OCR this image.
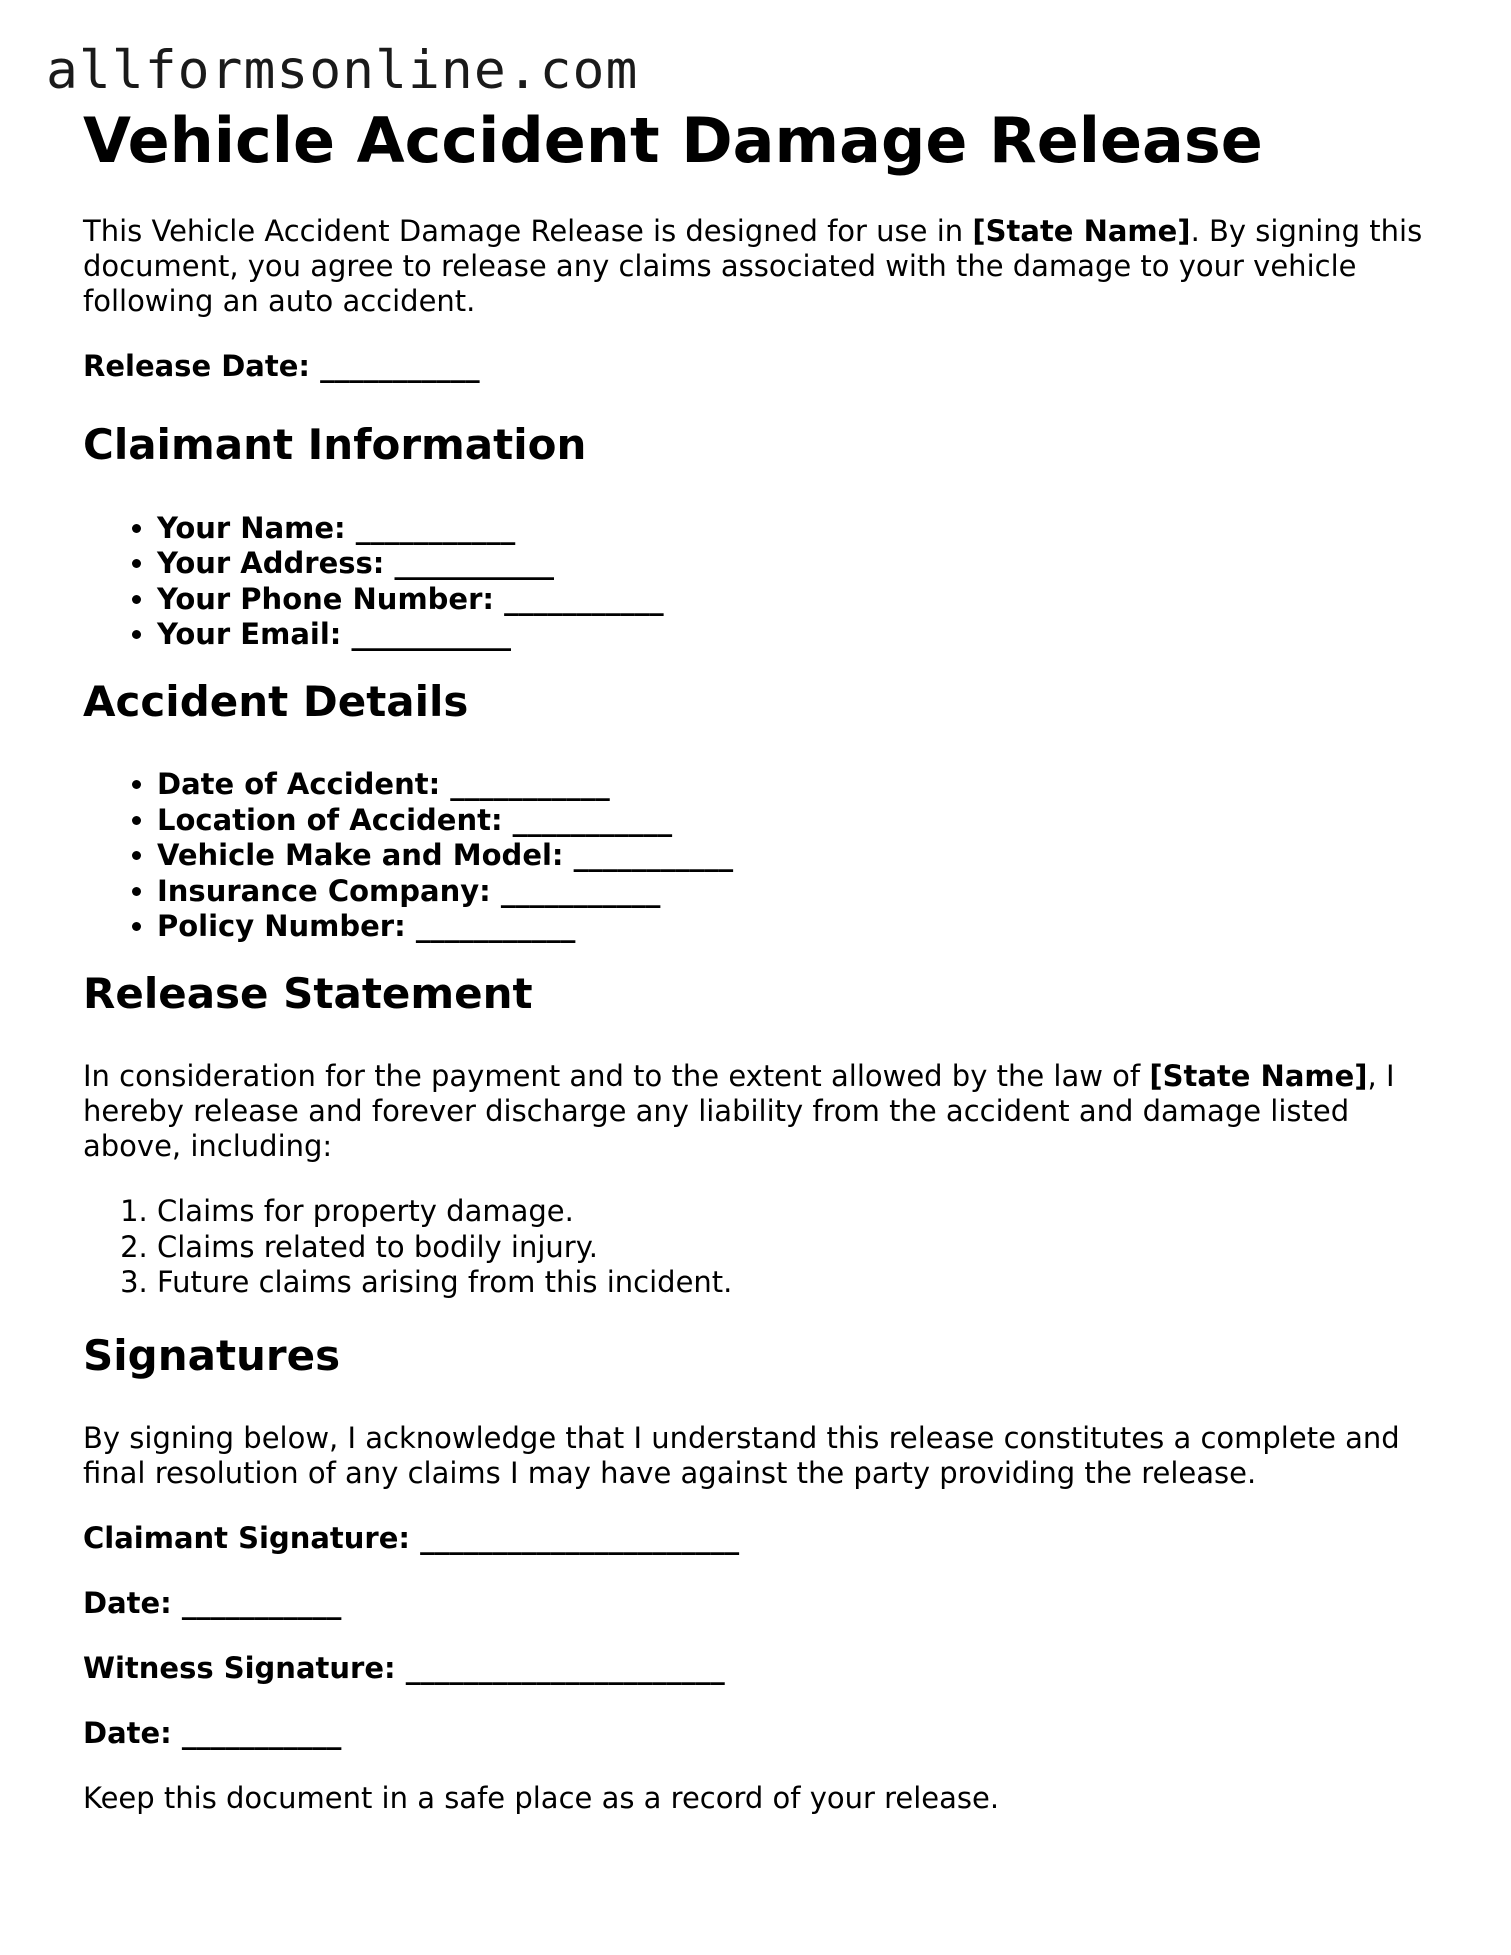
allformsonline.com
Vehicle Accident Damage Release

This Vehicle Accident Damage Release is designed for use in [State Name]. By signing this document, you agree to release any claims associated with the damage to your vehicle following an auto accident.

Release Date: _____

Claimant Information
• Your Name: _____
• Your Address: _____
• Your Phone Number: _____
• Your Email: _____
Accident Details
• Date of Accident: _____
• Location of Accident: _____
• Vehicle Make and Model: _____
• Insurance Company: _____
• Policy Number: _____
Release Statement

In consideration for the payment and to the extent allowed by the law of [State Name], I hereby release and forever discharge any liability from the accident and damage listed above, including:

1. Claims for property damage.
2. Claims related to bodily injury.
3. Future claims arising from this incident.
Signatures

By signing below, I acknowledge that I understand this release constitutes a complete and final resolution of any claims I may have against the party providing the release.

Claimant Signature: _____

Date: _____

Witness Signature: _____

Date: _____

Keep this document in a safe place as a record of your release.
